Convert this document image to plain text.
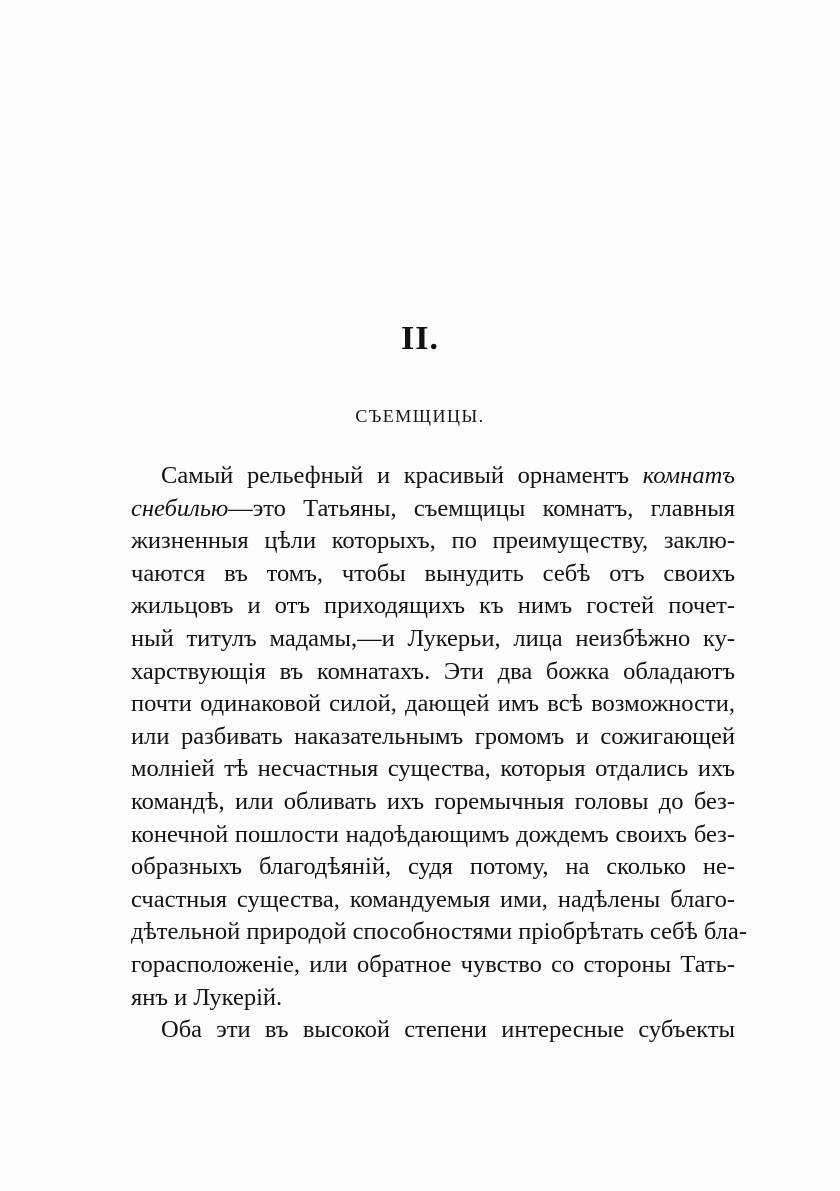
II.
СЪЕМЩИЦЫ.
Самый рельефный и красивый орнаментъ комнатъ
снебилью—это Татьяны, съемщицы комнатъ, главныя
жизненныя цѣли которыхъ, по преимуществу, заклю-
чаются въ томъ, чтобы вынудить себѣ отъ своихъ
жильцовъ и отъ приходящихъ къ нимъ гостей почет-
ный титулъ мадамы,—и Лукерьи, лица неизбѣжно ку-
харствующія въ комнатахъ. Эти два божка обладаютъ
почти одинаковой силой, дающей имъ всѣ возможности,
или разбивать наказательнымъ громомъ и сожигающей
молніей тѣ несчастныя существа, которыя отдались ихъ
командѣ, или обливать ихъ горемычныя головы до без-
конечной пошлости надоѣдающимъ дождемъ своихъ без-
образныхъ благодѣяній, судя потому, на сколько не-
счастныя существа, командуемыя ими, надѣлены благо-
дѣтельной природой способностями пріобрѣтать себѣ бла-
горасположеніе, или обратное чувство со стороны Тать-
янъ и Лукерій.
Оба эти въ высокой степени интересные субъекты
